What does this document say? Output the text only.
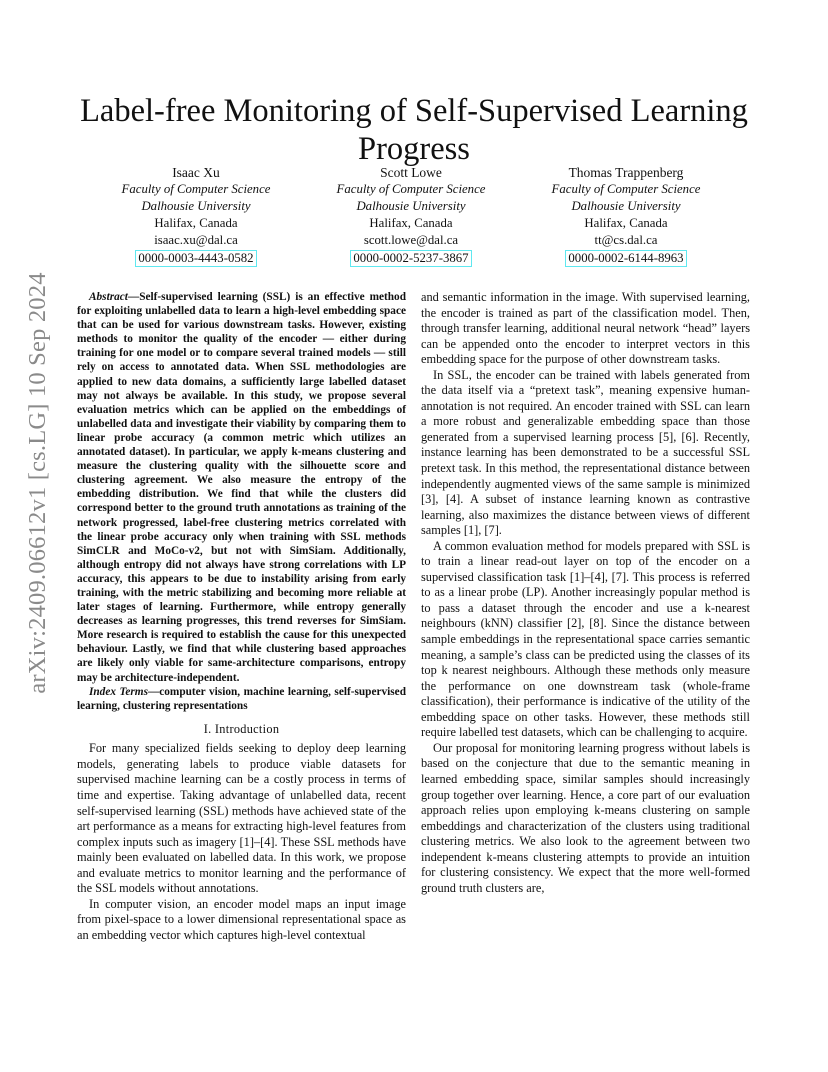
arXiv:2409.06612v1 [cs.LG] 10 Sep 2024
Label-free Monitoring of Self-Supervised Learning Progress
Isaac Xu
Faculty of Computer Science
Dalhousie University
Halifax, Canada
isaac.xu@dal.ca
0000-0003-4443-0582
Scott Lowe
Faculty of Computer Science
Dalhousie University
Halifax, Canada
scott.lowe@dal.ca
0000-0002-5237-3867
Thomas Trappenberg
Faculty of Computer Science
Dalhousie University
Halifax, Canada
tt@cs.dal.ca
0000-0002-6144-8963

Abstract—Self-supervised learning (SSL) is an effective method for exploiting unlabelled data to learn a high-level embedding space that can be used for various downstream tasks. However, existing methods to monitor the quality of the encoder — either during training for one model or to compare several trained models — still rely on access to annotated data. When SSL methodologies are applied to new data domains, a sufficiently large labelled dataset may not always be available. In this study, we propose several evaluation metrics which can be applied on the embeddings of unlabelled data and investigate their viability by comparing them to linear probe accuracy (a common metric which utilizes an annotated dataset). In particular, we apply k-means clustering and measure the clustering quality with the silhouette score and clustering agreement. We also measure the entropy of the embedding distribution. We find that while the clusters did correspond better to the ground truth annotations as training of the network progressed, label-free clustering metrics correlated with the linear probe accuracy only when training with SSL methods SimCLR and MoCo-v2, but not with SimSiam. Additionally, although entropy did not always have strong correlations with LP accuracy, this appears to be due to instability arising from early training, with the metric stabilizing and becoming more reliable at later stages of learning. Furthermore, while entropy generally decreases as learning progresses, this trend reverses for SimSiam. More research is required to establish the cause for this unexpected behaviour. Lastly, we find that while clustering based approaches are likely only viable for same-architecture comparisons, entropy may be architecture-independent.

Index Terms—computer vision, machine learning, self-supervised learning, clustering representations

I. Introduction

For many specialized fields seeking to deploy deep learning models, generating labels to produce viable datasets for supervised machine learning can be a costly process in terms of time and expertise. Taking advantage of unlabelled data, recent self-supervised learning (SSL) methods have achieved state of the art performance as a means for extracting high-level features from complex inputs such as imagery [1]–[4]. These SSL methods have mainly been evaluated on labelled data. In this work, we propose and evaluate metrics to monitor learning and the performance of the SSL models without annotations.

In computer vision, an encoder model maps an input image from pixel-space to a lower dimensional representational space as an embedding vector which captures high-level contextual

and semantic information in the image. With supervised learning, the encoder is trained as part of the classification model. Then, through transfer learning, additional neural network “head” layers can be appended onto the encoder to interpret vectors in this embedding space for the purpose of other downstream tasks.

In SSL, the encoder can be trained with labels generated from the data itself via a “pretext task”, meaning expensive human-annotation is not required. An encoder trained with SSL can learn a more robust and generalizable embedding space than those generated from a supervised learning process [5], [6]. Recently, instance learning has been demonstrated to be a successful SSL pretext task. In this method, the representational distance between independently augmented views of the same sample is minimized [3], [4]. A subset of instance learning known as contrastive learning, also maximizes the distance between views of different samples [1], [7].

A common evaluation method for models prepared with SSL is to train a linear read-out layer on top of the encoder on a supervised classification task [1]–[4], [7]. This process is referred to as a linear probe (LP). Another increasingly popular method is to pass a dataset through the encoder and use a k-nearest neighbours (kNN) classifier [2], [8]. Since the distance between sample embeddings in the representational space carries semantic meaning, a sample’s class can be predicted using the classes of its top k nearest neighbours. Although these methods only measure the performance on one downstream task (whole-frame classification), their performance is indicative of the utility of the embedding space on other tasks. However, these methods still require labelled test datasets, which can be challenging to acquire.

Our proposal for monitoring learning progress without labels is based on the conjecture that due to the semantic meaning in learned embedding space, similar samples should increasingly group together over learning. Hence, a core part of our evaluation approach relies upon employing k-means clustering on sample embeddings and characterization of the clusters using traditional clustering metrics. We also look to the agreement between two independent k-means clustering attempts to provide an intuition for clustering consistency. We expect that the more well-formed ground truth clusters are,
